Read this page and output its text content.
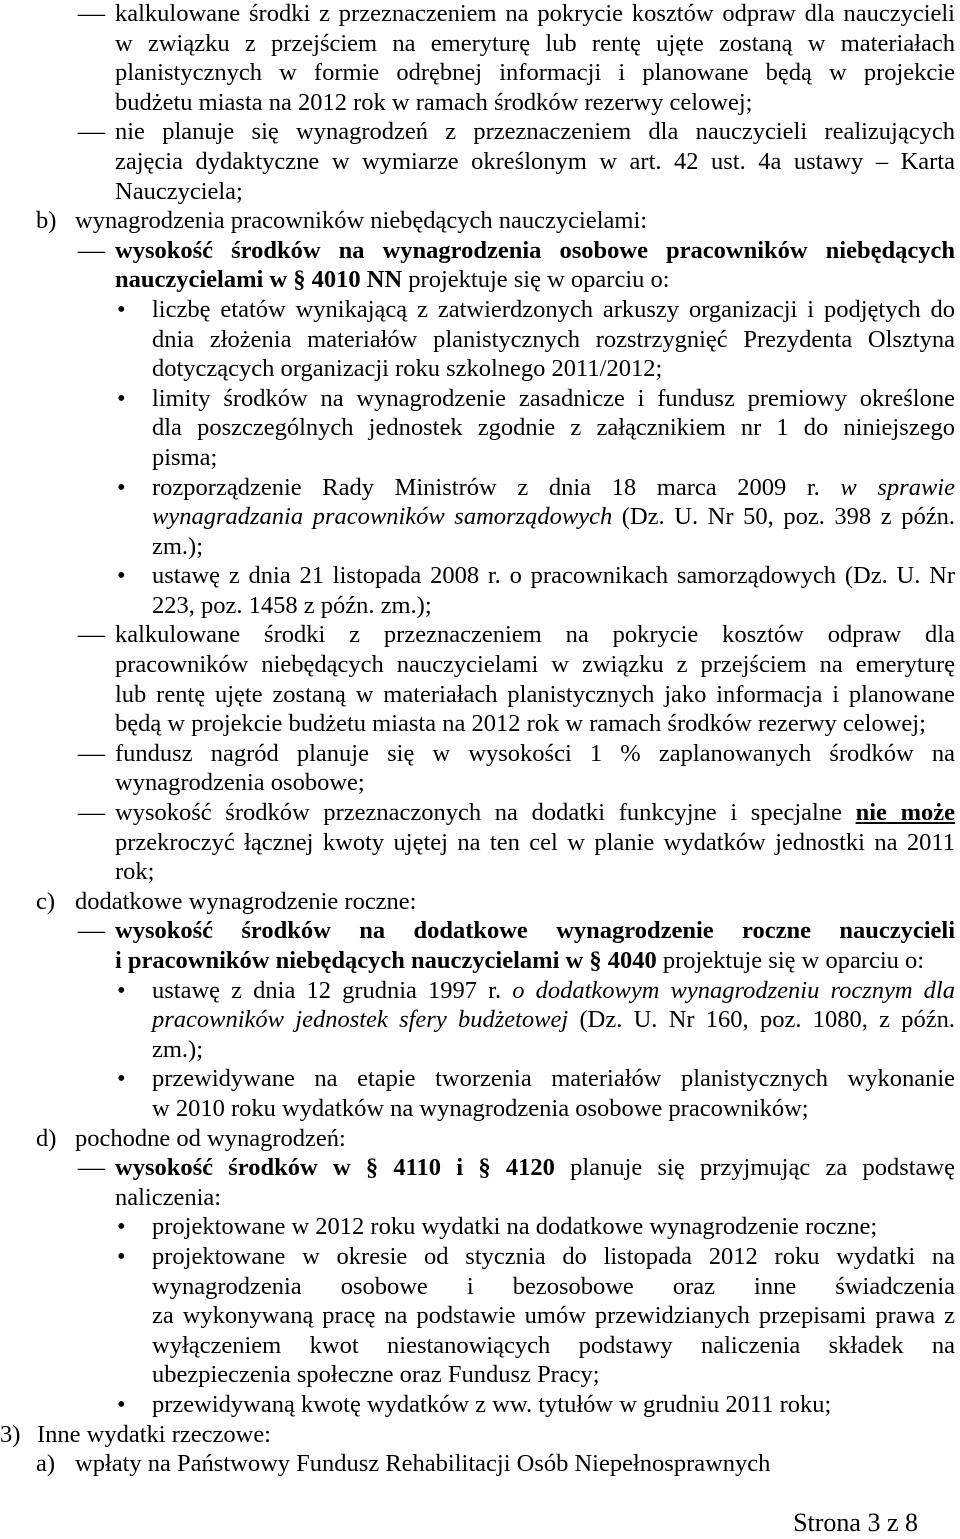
– kalkulowane środki z przeznaczeniem na pokrycie kosztów odpraw dla nauczycieli
w związku z przejściem na emeryturę lub rentę ujęte zostaną w materiałach
planistycznych w formie odrębnej informacji i planowane będą w projekcie
budżetu miasta na 2012 rok w ramach środków rezerwy celowej;
– nie planuje się wynagrodzeń z przeznaczeniem dla nauczycieli realizujących
zajęcia dydaktyczne w wymiarze określonym w art. 42 ust. 4a ustawy – Karta
Nauczyciela;
b) wynagrodzenia pracowników niebędących nauczycielami:
– wysokość środków na wynagrodzenia osobowe pracowników niebędących
nauczycielami w § 4010 NN projektuje się w oparciu o:
• liczbę etatów wynikającą z zatwierdzonych arkuszy organizacji i podjętych do
dnia złożenia materiałów planistycznych rozstrzygnięć Prezydenta Olsztyna
dotyczących organizacji roku szkolnego 2011/2012;
• limity środków na wynagrodzenie zasadnicze i fundusz premiowy określone
dla poszczególnych jednostek zgodnie z załącznikiem nr 1 do niniejszego
pisma;
• rozporządzenie Rady Ministrów z dnia 18 marca 2009 r. w sprawie
wynagradzania pracowników samorządowych (Dz. U. Nr 50, poz. 398 z późn.
zm.);
• ustawę z dnia 21 listopada 2008 r. o pracownikach samorządowych (Dz. U. Nr
223, poz. 1458 z późn. zm.);
– kalkulowane środki z przeznaczeniem na pokrycie kosztów odpraw dla
pracowników niebędących nauczycielami w związku z przejściem na emeryturę
lub rentę ujęte zostaną w materiałach planistycznych jako informacja i planowane
będą w projekcie budżetu miasta na 2012 rok w ramach środków rezerwy celowej;
– fundusz nagród planuje się w wysokości 1 % zaplanowanych środków na
wynagrodzenia osobowe;
– wysokość środków przeznaczonych na dodatki funkcyjne i specjalne nie może
przekroczyć łącznej kwoty ujętej na ten cel w planie wydatków jednostki na 2011
rok;
c) dodatkowe wynagrodzenie roczne:
– wysokość środków na dodatkowe wynagrodzenie roczne nauczycieli
i pracowników niebędących nauczycielami w § 4040 projektuje się w oparciu o:
• ustawę z dnia 12 grudnia 1997 r. o dodatkowym wynagrodzeniu rocznym dla
pracowników jednostek sfery budżetowej (Dz. U. Nr 160, poz. 1080, z późn.
zm.);
• przewidywane na etapie tworzenia materiałów planistycznych wykonanie
w 2010 roku wydatków na wynagrodzenia osobowe pracowników;
d) pochodne od wynagrodzeń:
– wysokość środków w § 4110 i § 4120 planuje się przyjmując za podstawę
naliczenia:
• projektowane w 2012 roku wydatki na dodatkowe wynagrodzenie roczne;
• projektowane w okresie od stycznia do listopada 2012 roku wydatki na
wynagrodzenia osobowe i bezosobowe oraz inne świadczenia
za wykonywaną pracę na podstawie umów przewidzianych przepisami prawa z
wyłączeniem kwot niestanowiących podstawy naliczenia składek na
ubezpieczenia społeczne oraz Fundusz Pracy;
• przewidywaną kwotę wydatków z ww. tytułów w grudniu 2011 roku;
3) Inne wydatki rzeczowe:
a) wpłaty na Państwowy Fundusz Rehabilitacji Osób Niepełnosprawnych
Strona 3 z 8
